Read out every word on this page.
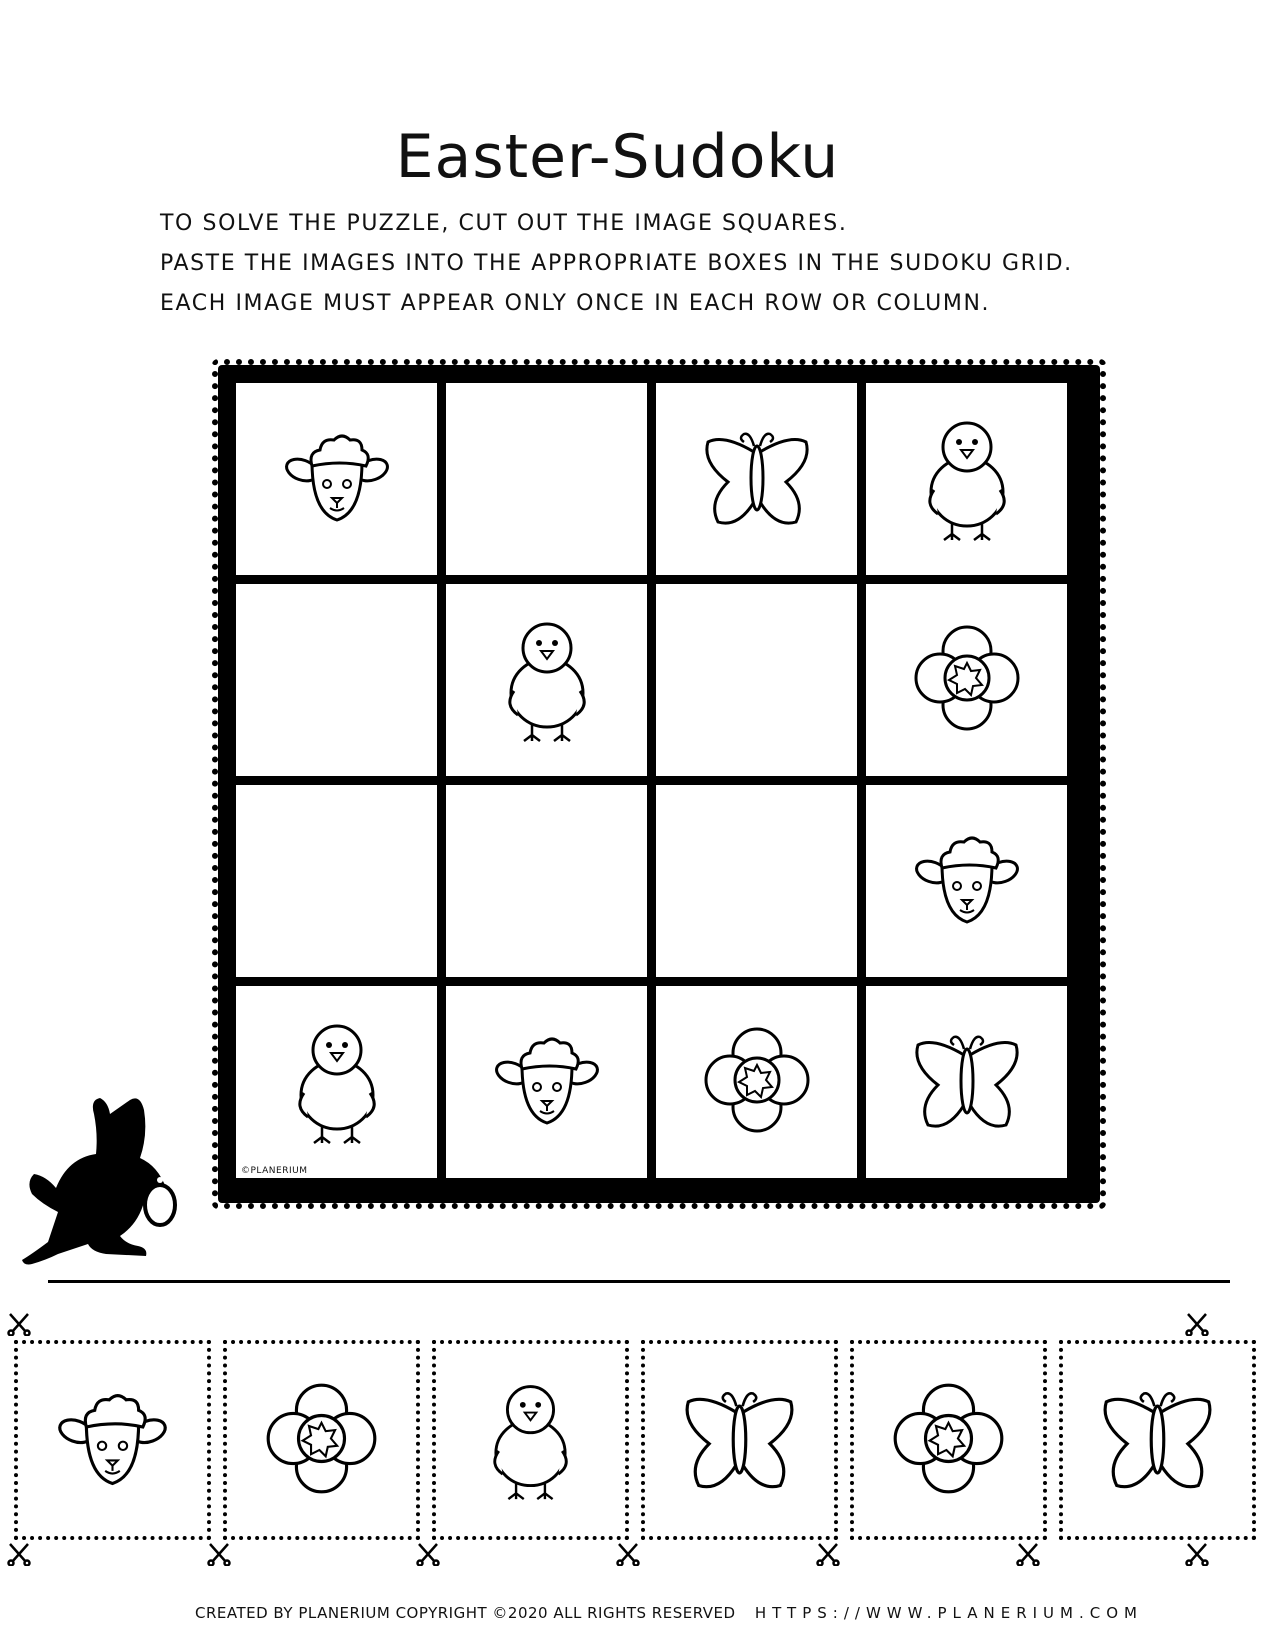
Easter-Sudoku
TO SOLVE THE PUZZLE, CUT OUT THE IMAGE SQUARES.
PASTE THE IMAGES INTO THE APPROPRIATE BOXES IN THE SUDOKU GRID.
EACH IMAGE MUST APPEAR ONLY ONCE IN EACH ROW OR COLUMN.
©PLANERIUM
CREATED BY PLANERIUM COPYRIGHT ©2020 ALL RIGHTS RESERVED HTTPS://WWW.PLANERIUM.COM
